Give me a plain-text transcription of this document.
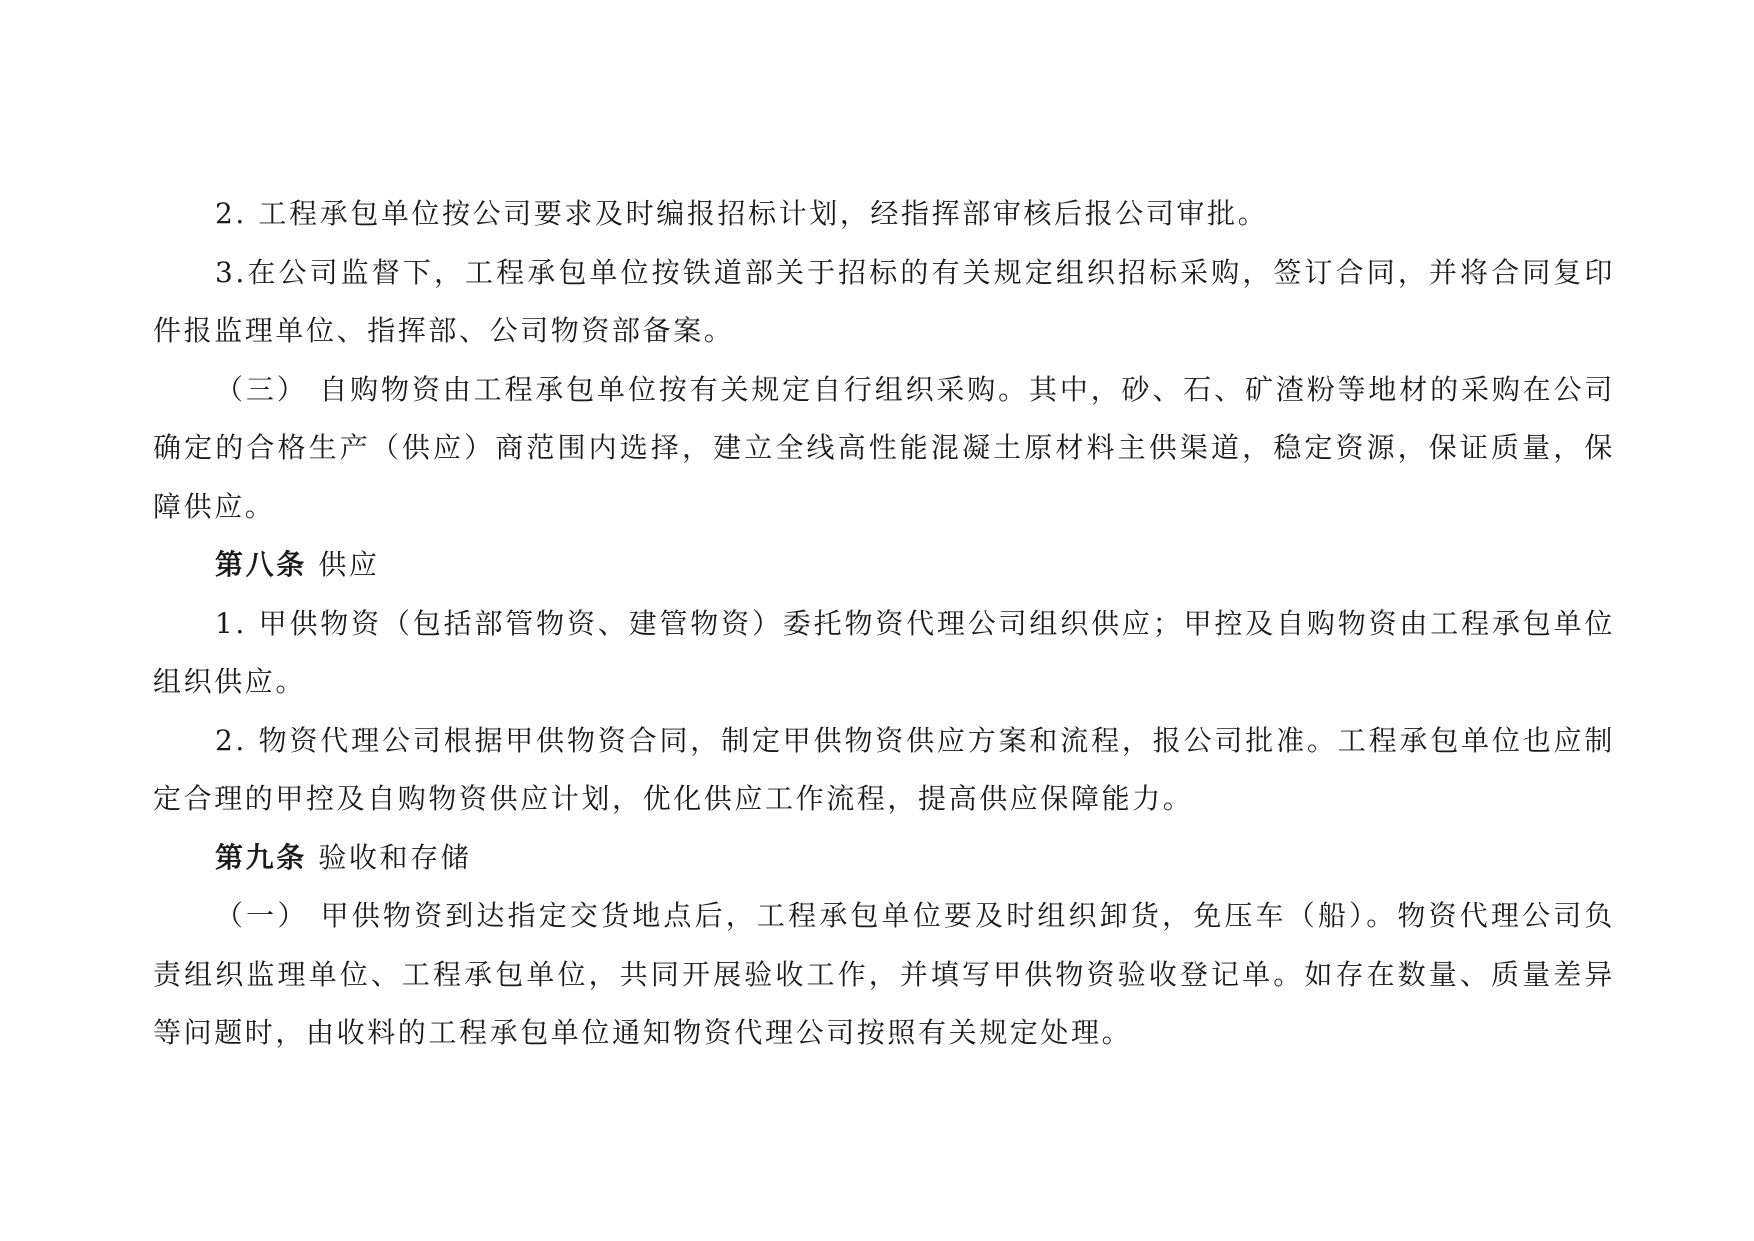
2. 工程承包单位按公司要求及时编报招标计划，经指挥部审核后报公司审批。

3.在公司监督下，工程承包单位按铁道部关于招标的有关规定组织招标采购，签订合同，并将合同复印件报监理单位、指挥部、公司物资部备案。

（三） 自购物资由工程承包单位按有关规定自行组织采购。其中，砂、石、矿渣粉等地材的采购在公司确定的合格生产（供应）商范围内选择，建立全线高性能混凝土原材料主供渠道，稳定资源，保证质量，保障供应。

第八条 供应

1. 甲供物资（包括部管物资、建管物资）委托物资代理公司组织供应；甲控及自购物资由工程承包单位组织供应。

2. 物资代理公司根据甲供物资合同，制定甲供物资供应方案和流程，报公司批准。工程承包单位也应制定合理的甲控及自购物资供应计划，优化供应工作流程，提高供应保障能力。

第九条 验收和存储

（一） 甲供物资到达指定交货地点后，工程承包单位要及时组织卸货，免压车（船）。物资代理公司负责组织监理单位、工程承包单位，共同开展验收工作，并填写甲供物资验收登记单。如存在数量、质量差异等问题时，由收料的工程承包单位通知物资代理公司按照有关规定处理。
